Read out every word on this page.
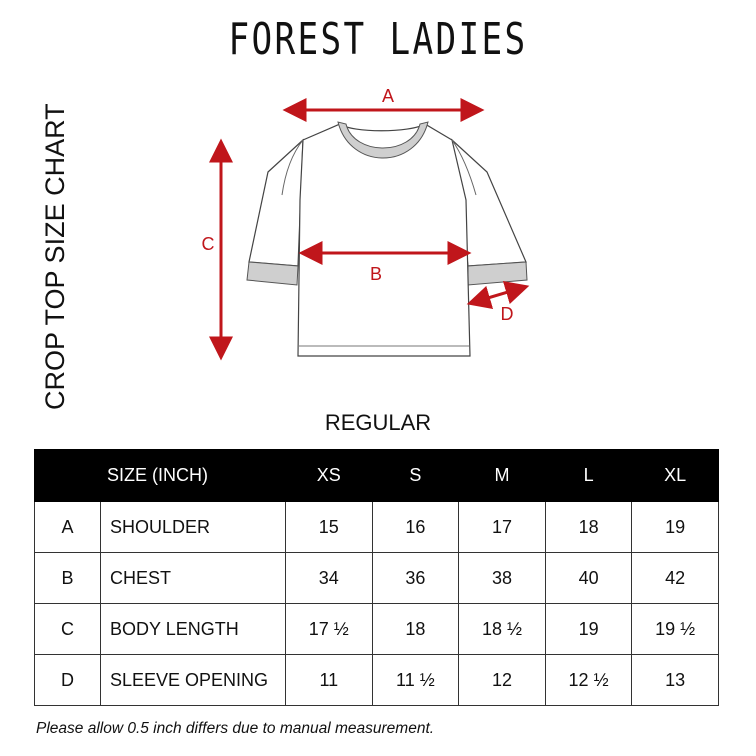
FOREST LADIES
CROP TOP SIZE CHART
A
B
C
D
REGULAR
	SIZE (INCH)	XS	S	M	L	XL
A	SHOULDER	15	16	17	18	19
B	CHEST	34	36	38	40	42
C	BODY LENGTH	17 ½	18	18 ½	19	19 ½
D	SLEEVE OPENING	11	11 ½	12	12 ½	13
Please allow 0.5 inch differs due to manual measurement.
